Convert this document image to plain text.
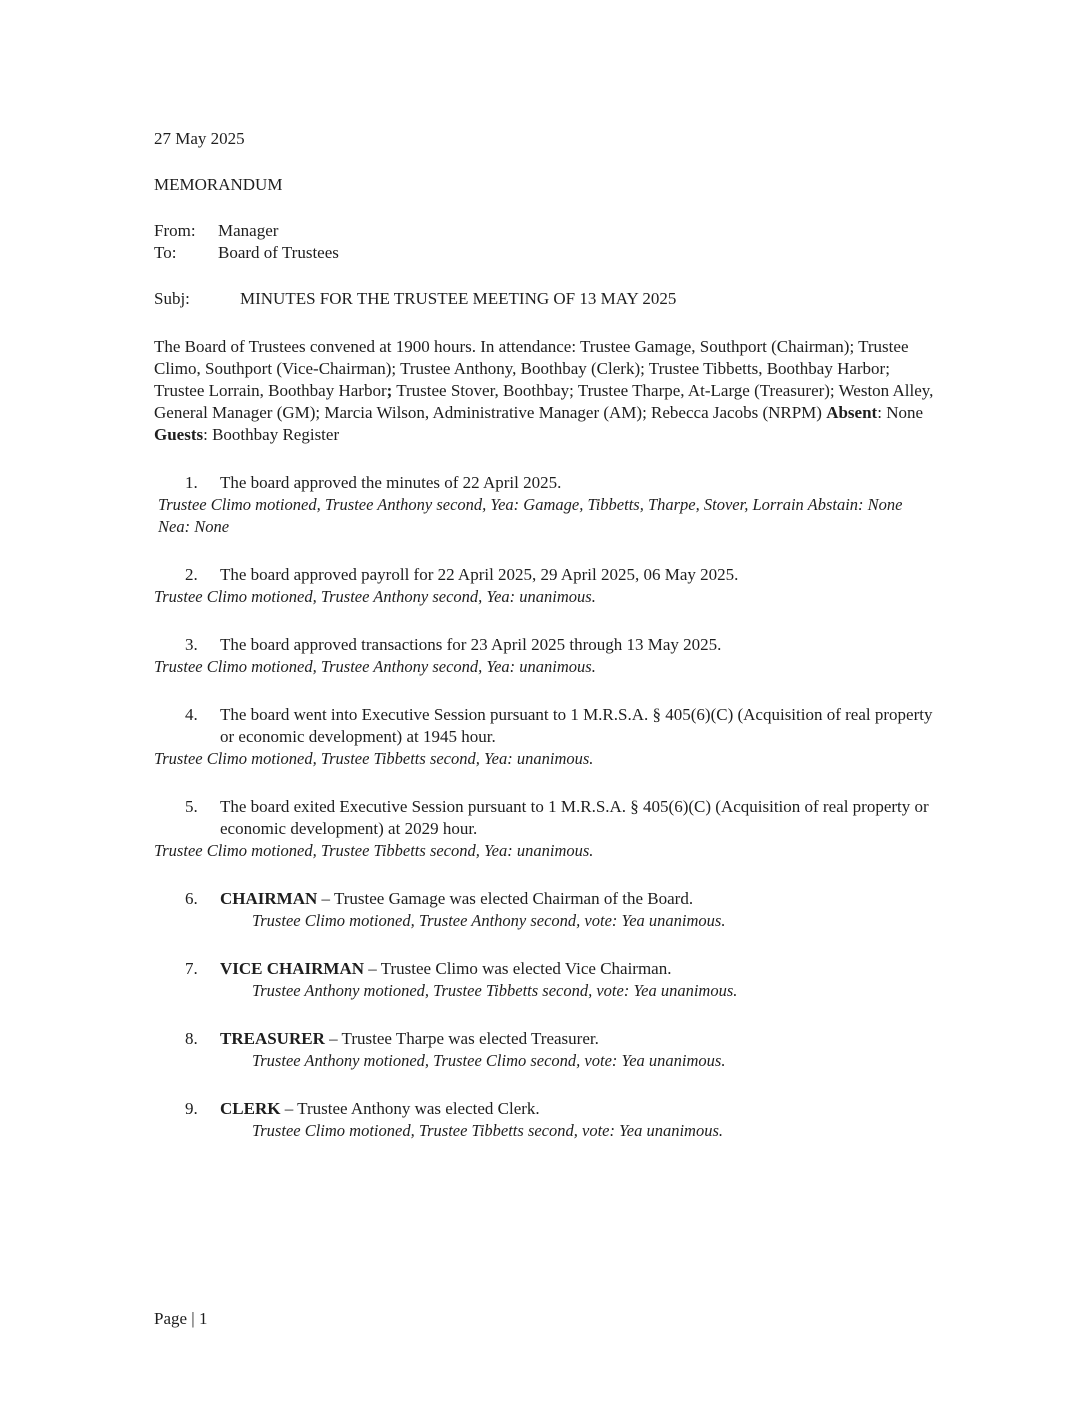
27 May 2025
MEMORANDUM
From:	Manager
To:	Board of Trustees
Subj:	MINUTES FOR THE TRUSTEE MEETING OF 13 MAY 2025

The Board of Trustees convened at 1900 hours. In attendance: Trustee Gamage, Southport (Chairman); Trustee Climo, Southport (Vice-Chairman); Trustee Anthony, Boothbay (Clerk); Trustee Tibbetts, Boothbay Harbor; Trustee Lorrain, Boothbay Harbor; Trustee Stover, Boothbay; Trustee Tharpe, At-Large (Treasurer); Weston Alley, General Manager (GM); Marcia Wilson, Administrative Manager (AM); Rebecca Jacobs (NRPM) Absent: None Guests: Boothbay Register

1. The board approved the minutes of 22 April 2025.
Trustee Climo motioned, Trustee Anthony second, Yea: Gamage, Tibbetts, Tharpe, Stover, Lorrain Abstain: None Nea: None
2. The board approved payroll for 22 April 2025, 29 April 2025, 06 May 2025.
Trustee Climo motioned, Trustee Anthony second, Yea: unanimous.
3. The board approved transactions for 23 April 2025 through 13 May 2025.
Trustee Climo motioned, Trustee Anthony second, Yea: unanimous.
4. The board went into Executive Session pursuant to 1 M.R.S.A. § 405(6)(C) (Acquisition of real property or economic development) at 1945 hour.
Trustee Climo motioned, Trustee Tibbetts second, Yea: unanimous.
5. The board exited Executive Session pursuant to 1 M.R.S.A. § 405(6)(C) (Acquisition of real property or economic development) at 2029 hour.
Trustee Climo motioned, Trustee Tibbetts second, Yea: unanimous.
6. CHAIRMAN – Trustee Gamage was elected Chairman of the Board.
Trustee Climo motioned, Trustee Anthony second, vote: Yea unanimous.
7. VICE CHAIRMAN – Trustee Climo was elected Vice Chairman.
Trustee Anthony motioned, Trustee Tibbetts second, vote: Yea unanimous.
8. TREASURER – Trustee Tharpe was elected Treasurer.
Trustee Anthony motioned, Trustee Climo second, vote: Yea unanimous.
9. CLERK – Trustee Anthony was elected Clerk.
Trustee Climo motioned, Trustee Tibbetts second, vote: Yea unanimous.
Page | 1
